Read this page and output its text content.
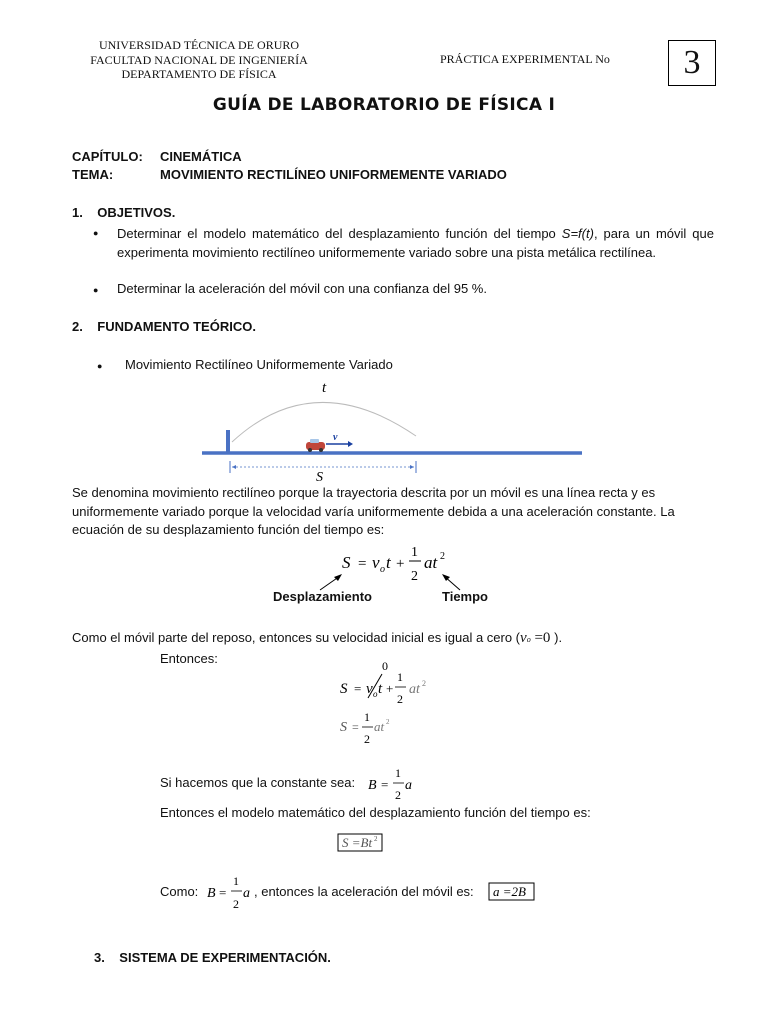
UNIVERSIDAD TÉCNICA DE ORURO
FACULTAD NACIONAL DE INGENIERÍA
DEPARTAMENTO DE FÍSICA
PRÁCTICA EXPERIMENTAL No	3
GUÍA DE LABORATORIO DE FÍSICA I
CAPÍTULO: CINEMÁTICA
TEMA:	MOVIMIENTO RECTILÍNEO UNIFORMEMENTE VARIADO
1.    OBJETIVOS.
● Determinar el modelo matemático del desplazamiento función del tiempo S=f(t), para un móvil que experimenta movimiento rectilíneo uniformemente variado sobre una pista metálica rectilínea.
● Determinar la aceleración del móvil con una confianza del 95 %.
2.    FUNDAMENTO TEÓRICO.
● Movimiento Rectilíneo Uniformemente Variado
t
v
S
Se denomina movimiento rectilíneo porque la trayectoria descrita por un móvil es una línea recta y es uniformemente variado porque la velocidad varía uniformemente debida a una aceleración constante. La ecuación de su desplazamiento función del tiempo es:
S = v o t +
1
2
at 2
Desplazamiento	Tiempo
Como el móvil parte del reposo, entonces su velocidad inicial es igual a cero (vo =0 ).
Entonces:	0
S = v o t +
1
2
at 2
S =
1
2
at 2
Si hacemos que la constante sea: B =
1
2
a
Entonces el modelo matemático del desplazamiento función del tiempo es:
S =Bt 2
Como: B =
1
2
a , entonces la aceleración del móvil es: a =2B
3.    SISTEMA DE EXPERIMENTACIÓN.
